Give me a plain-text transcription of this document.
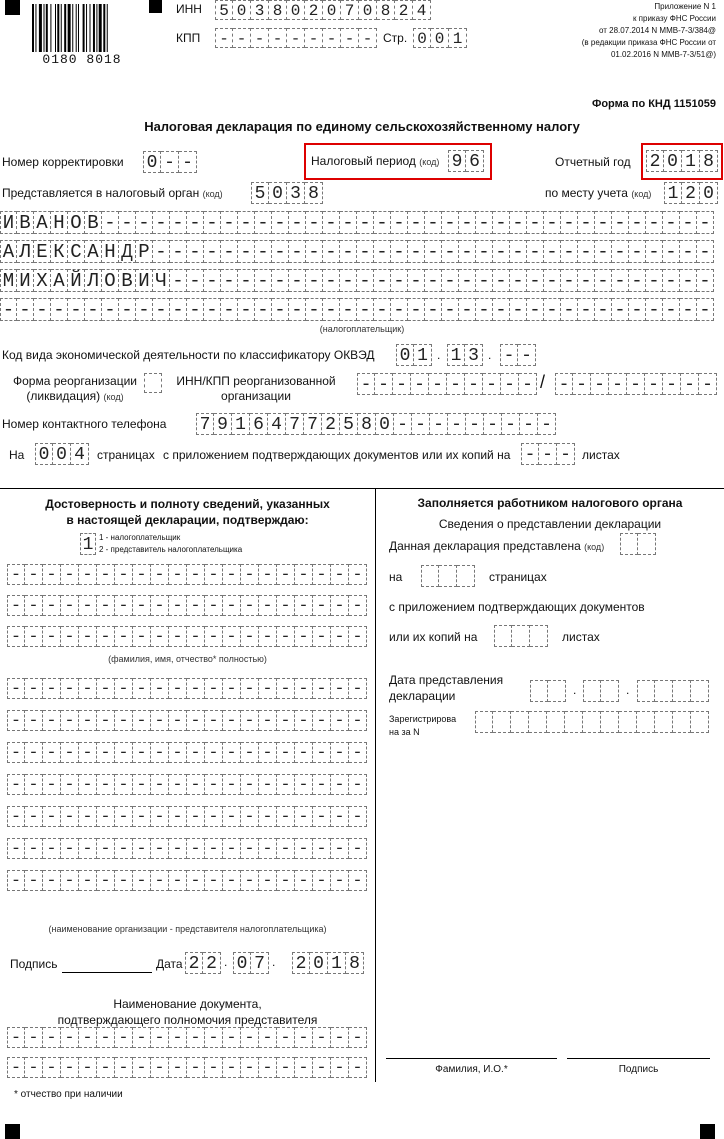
0180 8018
ИНН 5 0 3 8 0 2 0 7 0 8 2 4
КПП - - - - - - - - - Стр. 0 0 1
Приложение N 1
к приказу ФНС России
от 28.07.2014 N ММВ-7-3/384@
(в редакции приказа ФНС России от
01.02.2016 N ММВ-7-3/51@)
Форма по КНД 1151059
Налоговая декларация по единому сельскохозяйственному налогу
Номер корректировки 0 - -	Налоговый период (код) 9 6	Отчетный год 2 0 1 8
Представляется в налоговый орган (код) 5 0 3 8	по месту учета (код) 1 2 0
И В А Н О В - - - - - - - - - - - - - - - - - - - - - - - - - - - - - - - - - - - -
А Л Е К С А Н Д Р - - - - - - - - - - - - - - - - - - - - - - - - - - - - - - - - -
М И Х А Й Л О В И Ч - - - - - - - - - - - - - - - - - - - - - - - - - - - - - - - -
- - - - - - - - - - - - - - - - - - - - - - - - - - - - - - - - - - - - - - - - - -
(налогоплательщик)
Код вида экономической деятельности по классификатору ОКВЭД 0 1 . 1 3 . - -
Форма реорганизации
(ликвидация) (код)
ИНН/КПП реорганизованной
организации
- - - - - - - - - - / - - - - - - - - -
Номер контактного телефона 7 9 1 6 4 7 7 2 5 8 0 - - - - - - - - -
На 0 0 4	страницах с приложением подтверждающих документов или их копий на - - - листах
Достоверность и полноту сведений, указанных
в настоящей декларации, подтверждаю:
1 1 - налогоплательщик
2 - представитель налогоплательщика
- - - - - - - - - - - - - - - - - - - -
- - - - - - - - - - - - - - - - - - - -
- - - - - - - - - - - - - - - - - - - -
(фамилия, имя, отчество* полностью)
- - - - - - - - - - - - - - - - - - - -
- - - - - - - - - - - - - - - - - - - -
- - - - - - - - - - - - - - - - - - - -
- - - - - - - - - - - - - - - - - - - -
- - - - - - - - - - - - - - - - - - - -
- - - - - - - - - - - - - - - - - - - -
- - - - - - - - - - - - - - - - - - - -
(наименование организации - представителя налогоплательщика)
Подпись	Дата 2 2 . 0 7 . 2 0 1 8
Наименование документа,
подтверждающего полномочия представителя
- - - - - - - - - - - - - - - - - - - -
- - - - - - - - - - - - - - - - - - - -
* отчество при наличии
Заполняется работником налогового органа
Сведения о представлении декларации
Данная декларация представлена (код)
на	страницах
с приложением подтверждающих документов
или их копий на	листах
Дата представления
декларации	.	.
Зарегистрирова
на за N
Фамилия, И.О.*	Подпись
